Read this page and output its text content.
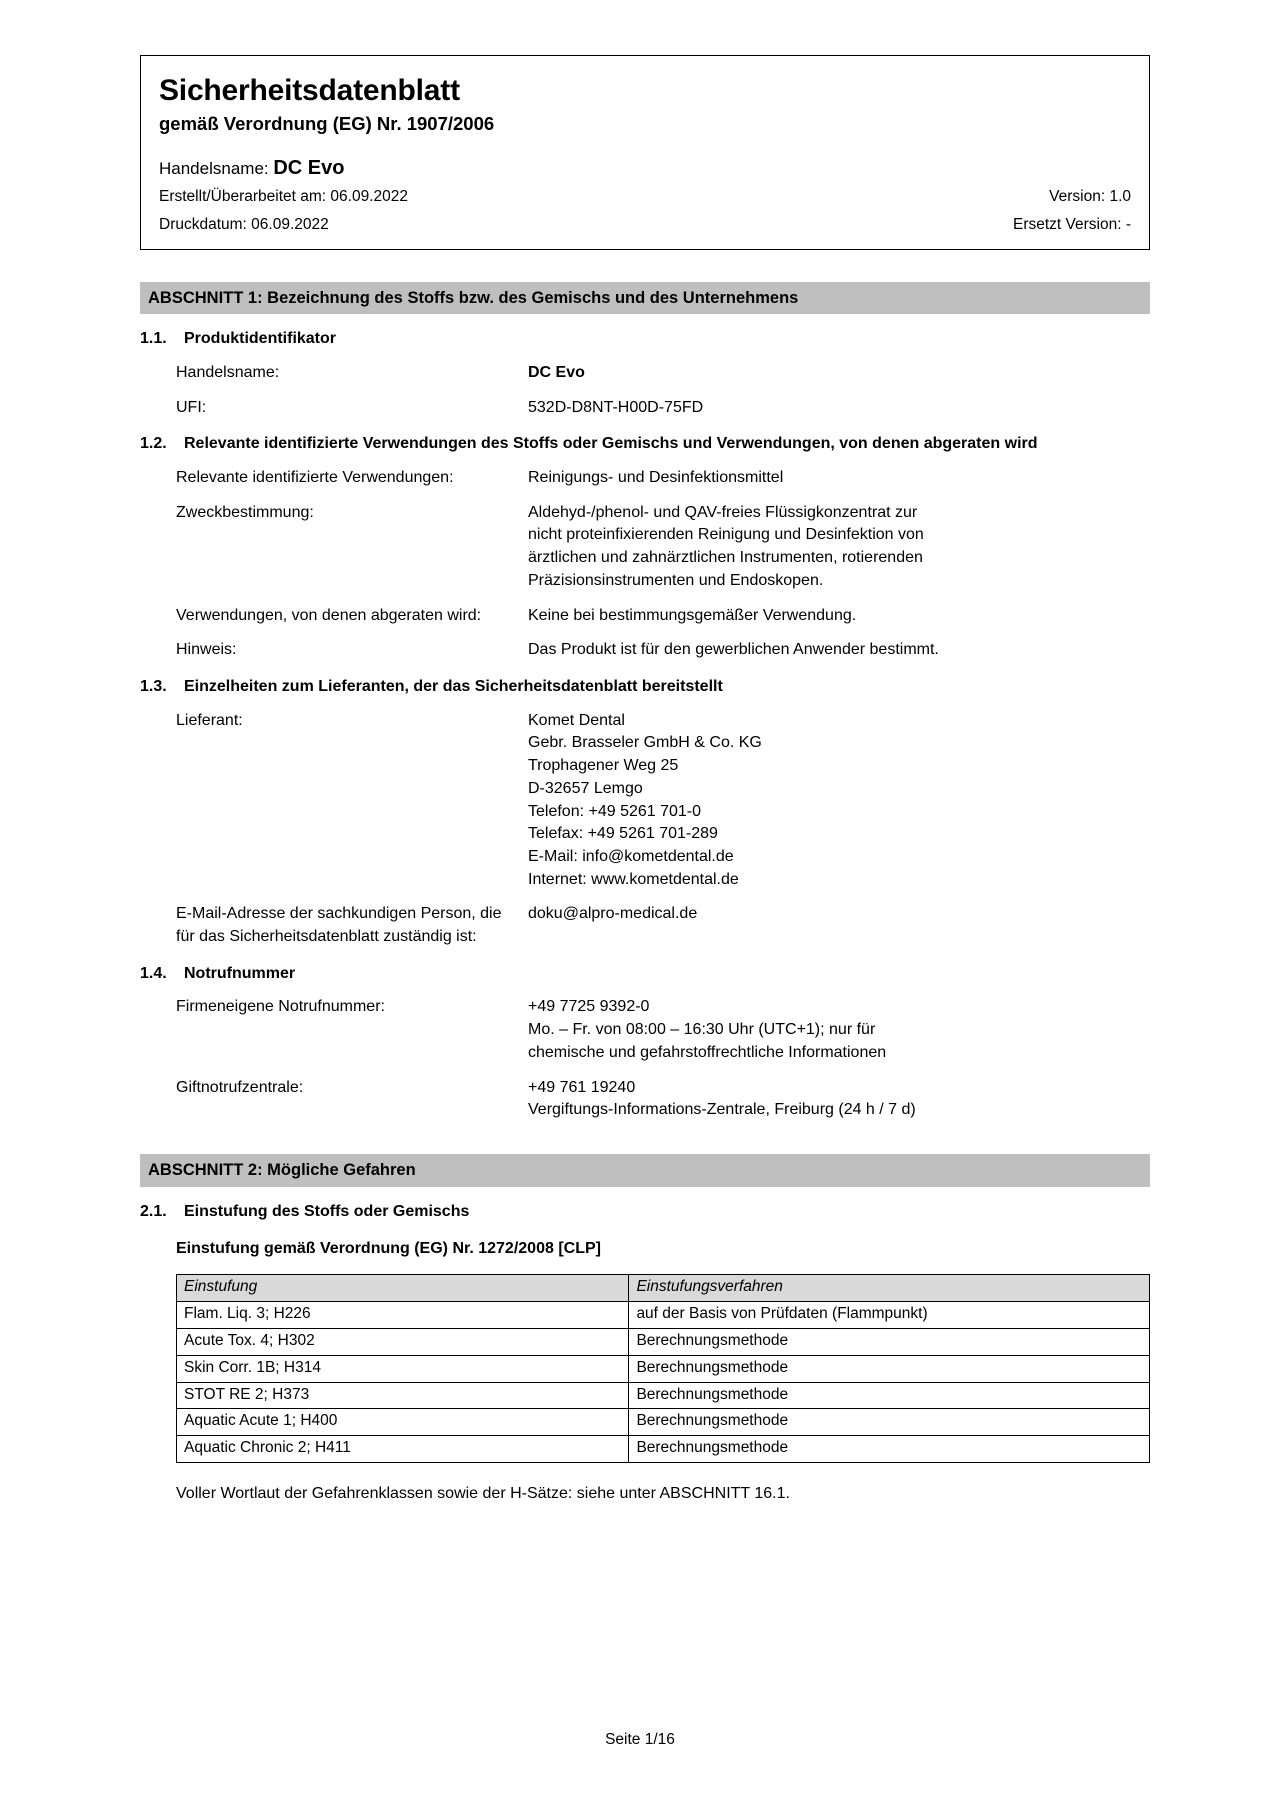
Sicherheitsdatenblatt
gemäß Verordnung (EG) Nr. 1907/2006
Handelsname: DC Evo
Erstellt/Überarbeitet am: 06.09.2022	Version: 1.0
Druckdatum: 06.09.2022	Ersetzt Version: -
ABSCHNITT 1: Bezeichnung des Stoffs bzw. des Gemischs und des Unternehmens
1.1.	Produktidentifikator
Handelsname:	DC Evo
UFI:	532D-D8NT-H00D-75FD
1.2.	Relevante identifizierte Verwendungen des Stoffs oder Gemischs und Verwendungen, von denen abgeraten wird
Relevante identifizierte Verwendungen:	Reinigungs- und Desinfektionsmittel
Zweckbestimmung:	Aldehyd-/phenol- und QAV-freies Flüssigkonzentrat zur
nicht proteinfixierenden Reinigung und Desinfektion von
ärztlichen und zahnärztlichen Instrumenten, rotierenden
Präzisionsinstrumenten und Endoskopen.
Verwendungen, von denen abgeraten wird:	Keine bei bestimmungsgemäßer Verwendung.
Hinweis:	Das Produkt ist für den gewerblichen Anwender bestimmt.
1.3.	Einzelheiten zum Lieferanten, der das Sicherheitsdatenblatt bereitstellt
Lieferant:	Komet Dental
Gebr. Brasseler GmbH & Co. KG
Trophagener Weg 25
D-32657 Lemgo
Telefon: +49 5261 701-0
Telefax: +49 5261 701-289
E-Mail: info@kometdental.de
Internet: www.kometdental.de
E-Mail-Adresse der sachkundigen Person, die für das Sicherheitsdatenblatt zuständig ist:
doku@alpro-medical.de
1.4.	Notrufnummer
Firmeneigene Notrufnummer:	+49 7725 9392-0
Mo. – Fr. von 08:00 – 16:30 Uhr (UTC+1); nur für
chemische und gefahrstoffrechtliche Informationen
Giftnotrufzentrale:	+49 761 19240
Vergiftungs-Informations-Zentrale, Freiburg (24 h / 7 d)
ABSCHNITT 2: Mögliche Gefahren
2.1.	Einstufung des Stoffs oder Gemischs
Einstufung gemäß Verordnung (EG) Nr. 1272/2008 [CLP]
Einstufung	Einstufungsverfahren
Flam. Liq. 3; H226	auf der Basis von Prüfdaten (Flammpunkt)
Acute Tox. 4; H302	Berechnungsmethode
Skin Corr. 1B; H314	Berechnungsmethode
STOT RE 2; H373	Berechnungsmethode
Aquatic Acute 1; H400	Berechnungsmethode
Aquatic Chronic 2; H411	Berechnungsmethode
Voller Wortlaut der Gefahrenklassen sowie der H-Sätze: siehe unter ABSCHNITT 16.1.
Seite 1/16
